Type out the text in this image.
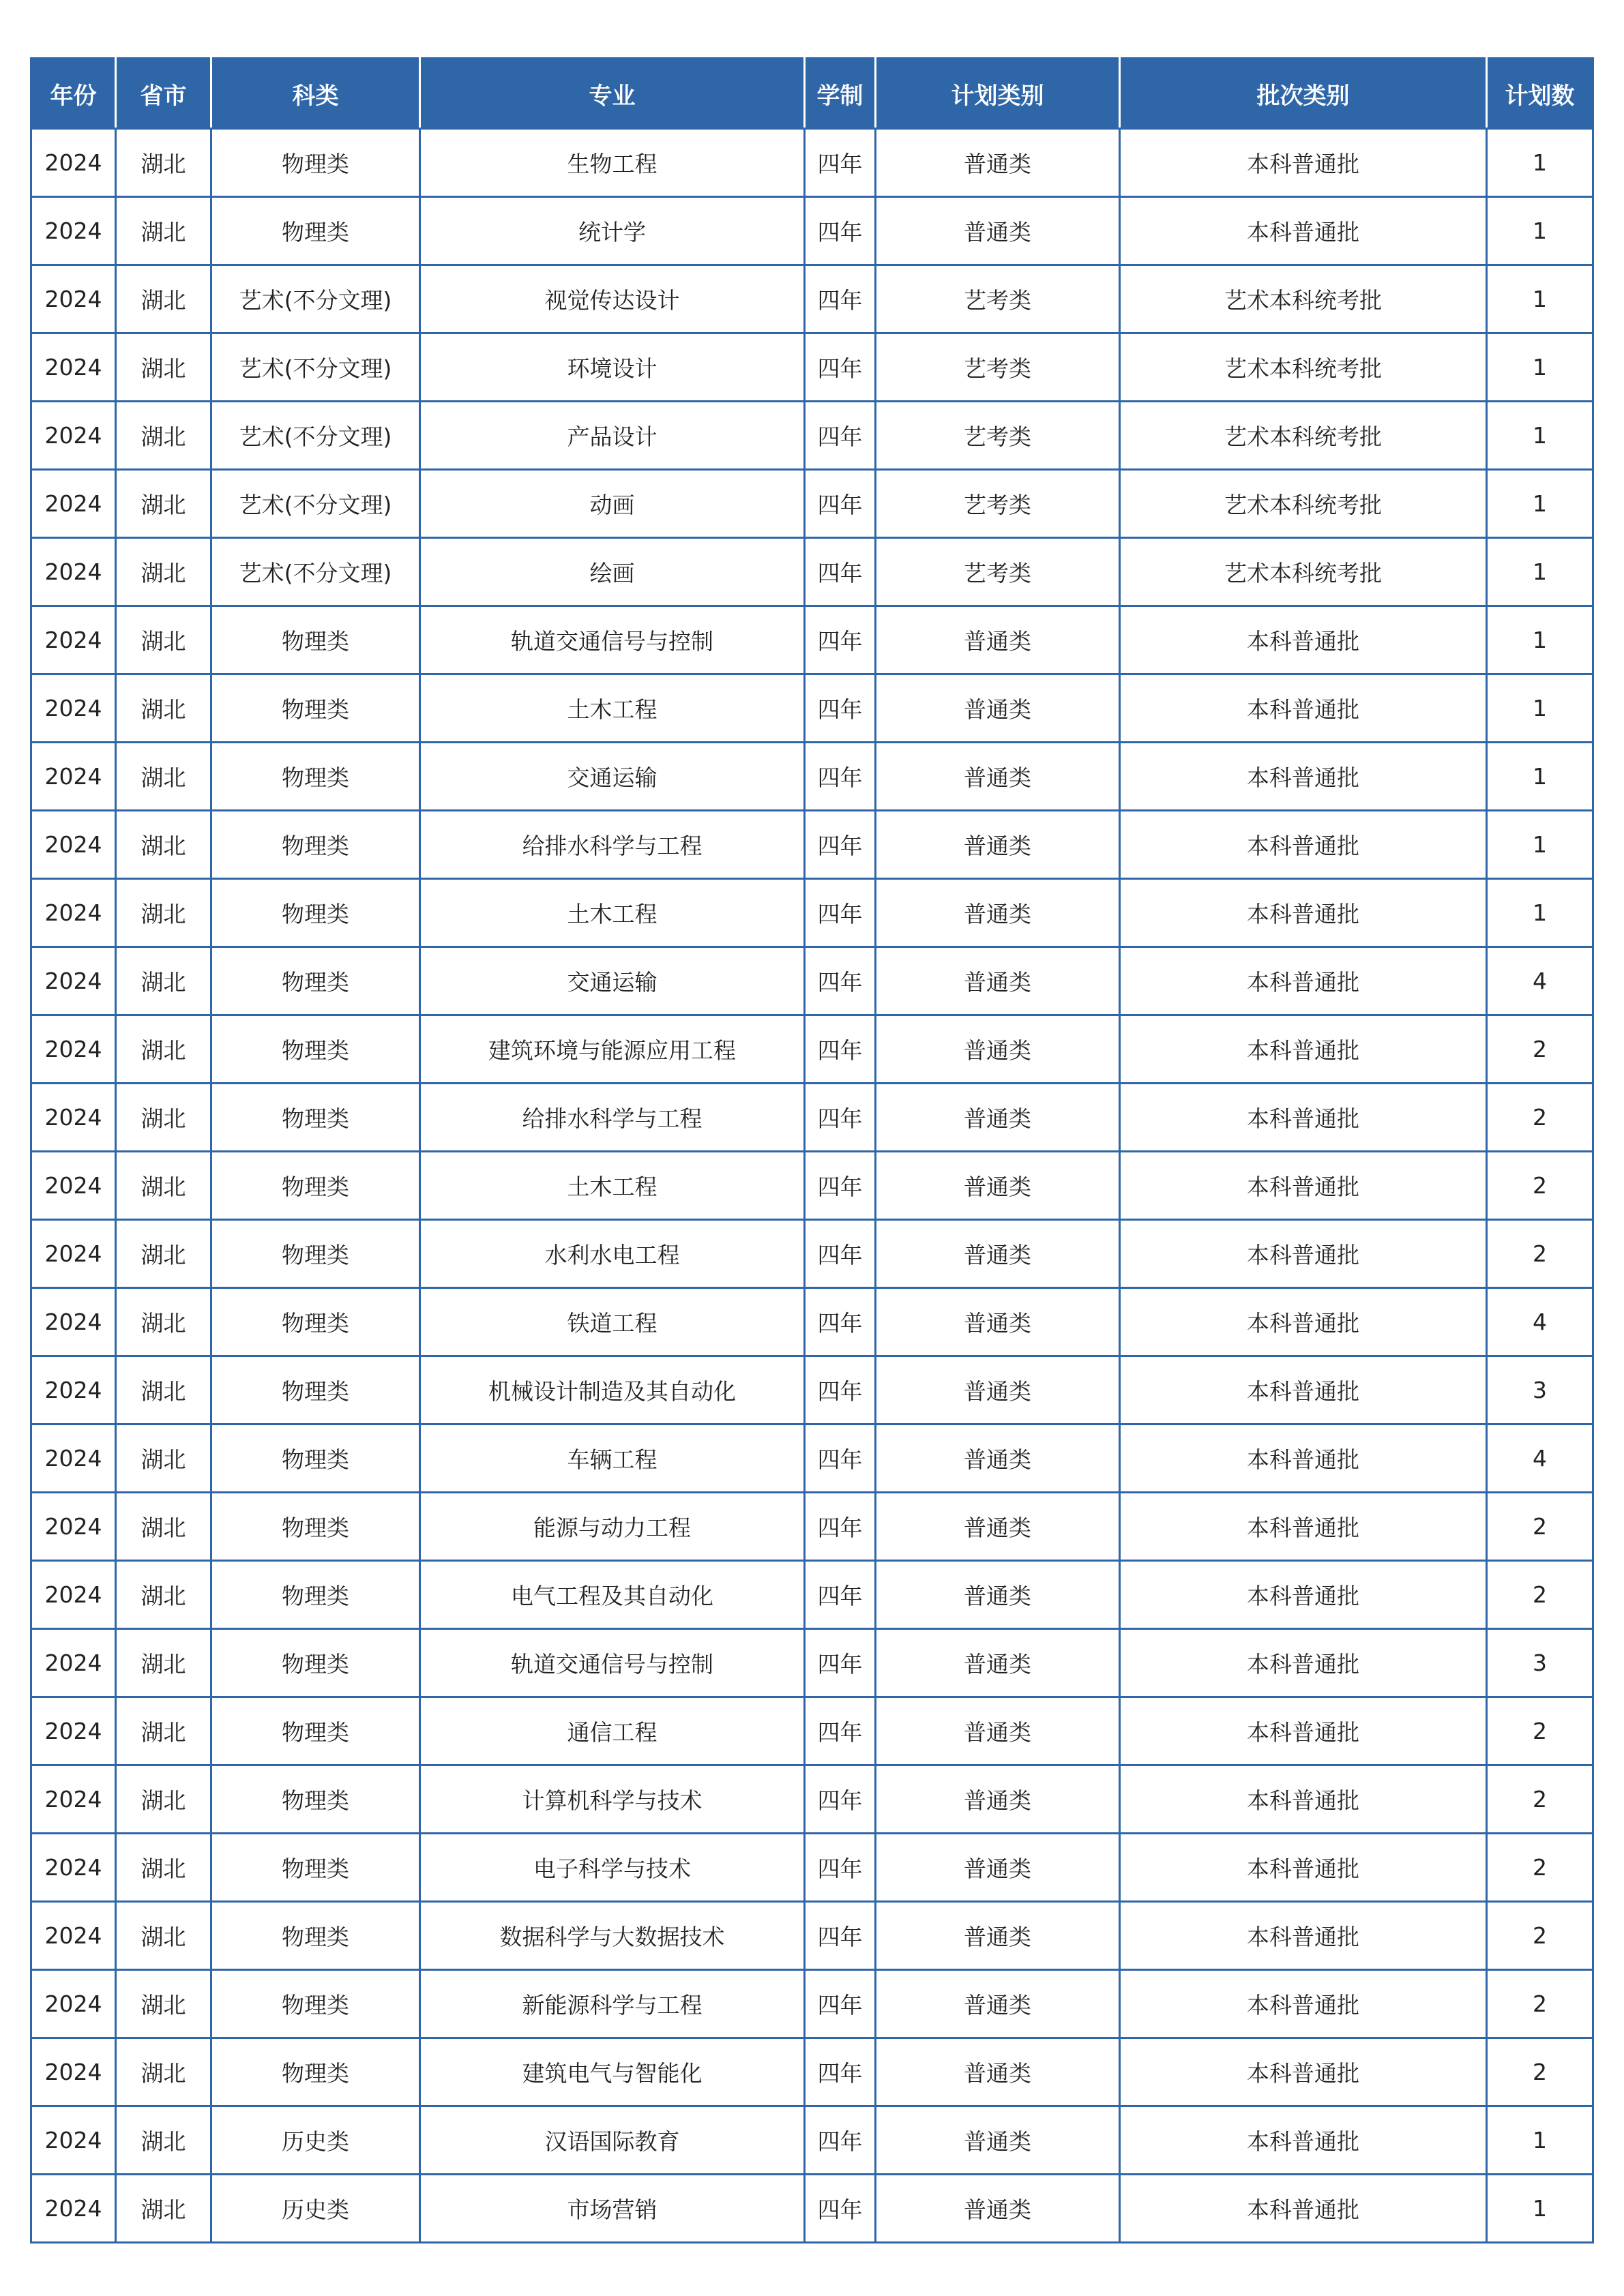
年份	省市	科类	专业	学制	计划类别	批次类别	计划数
2024	湖北	物理类	生物工程	四年	普通类	本科普通批	1
2024	湖北	物理类	统计学	四年	普通类	本科普通批	1
2024	湖北	艺术(不分文理)	视觉传达设计	四年	艺考类	艺术本科统考批	1
2024	湖北	艺术(不分文理)	环境设计	四年	艺考类	艺术本科统考批	1
2024	湖北	艺术(不分文理)	产品设计	四年	艺考类	艺术本科统考批	1
2024	湖北	艺术(不分文理)	动画	四年	艺考类	艺术本科统考批	1
2024	湖北	艺术(不分文理)	绘画	四年	艺考类	艺术本科统考批	1
2024	湖北	物理类	轨道交通信号与控制	四年	普通类	本科普通批	1
2024	湖北	物理类	土木工程	四年	普通类	本科普通批	1
2024	湖北	物理类	交通运输	四年	普通类	本科普通批	1
2024	湖北	物理类	给排水科学与工程	四年	普通类	本科普通批	1
2024	湖北	物理类	土木工程	四年	普通类	本科普通批	1
2024	湖北	物理类	交通运输	四年	普通类	本科普通批	4
2024	湖北	物理类	建筑环境与能源应用工程	四年	普通类	本科普通批	2
2024	湖北	物理类	给排水科学与工程	四年	普通类	本科普通批	2
2024	湖北	物理类	土木工程	四年	普通类	本科普通批	2
2024	湖北	物理类	水利水电工程	四年	普通类	本科普通批	2
2024	湖北	物理类	铁道工程	四年	普通类	本科普通批	4
2024	湖北	物理类	机械设计制造及其自动化	四年	普通类	本科普通批	3
2024	湖北	物理类	车辆工程	四年	普通类	本科普通批	4
2024	湖北	物理类	能源与动力工程	四年	普通类	本科普通批	2
2024	湖北	物理类	电气工程及其自动化	四年	普通类	本科普通批	2
2024	湖北	物理类	轨道交通信号与控制	四年	普通类	本科普通批	3
2024	湖北	物理类	通信工程	四年	普通类	本科普通批	2
2024	湖北	物理类	计算机科学与技术	四年	普通类	本科普通批	2
2024	湖北	物理类	电子科学与技术	四年	普通类	本科普通批	2
2024	湖北	物理类	数据科学与大数据技术	四年	普通类	本科普通批	2
2024	湖北	物理类	新能源科学与工程	四年	普通类	本科普通批	2
2024	湖北	物理类	建筑电气与智能化	四年	普通类	本科普通批	2
2024	湖北	历史类	汉语国际教育	四年	普通类	本科普通批	1
2024	湖北	历史类	市场营销	四年	普通类	本科普通批	1
